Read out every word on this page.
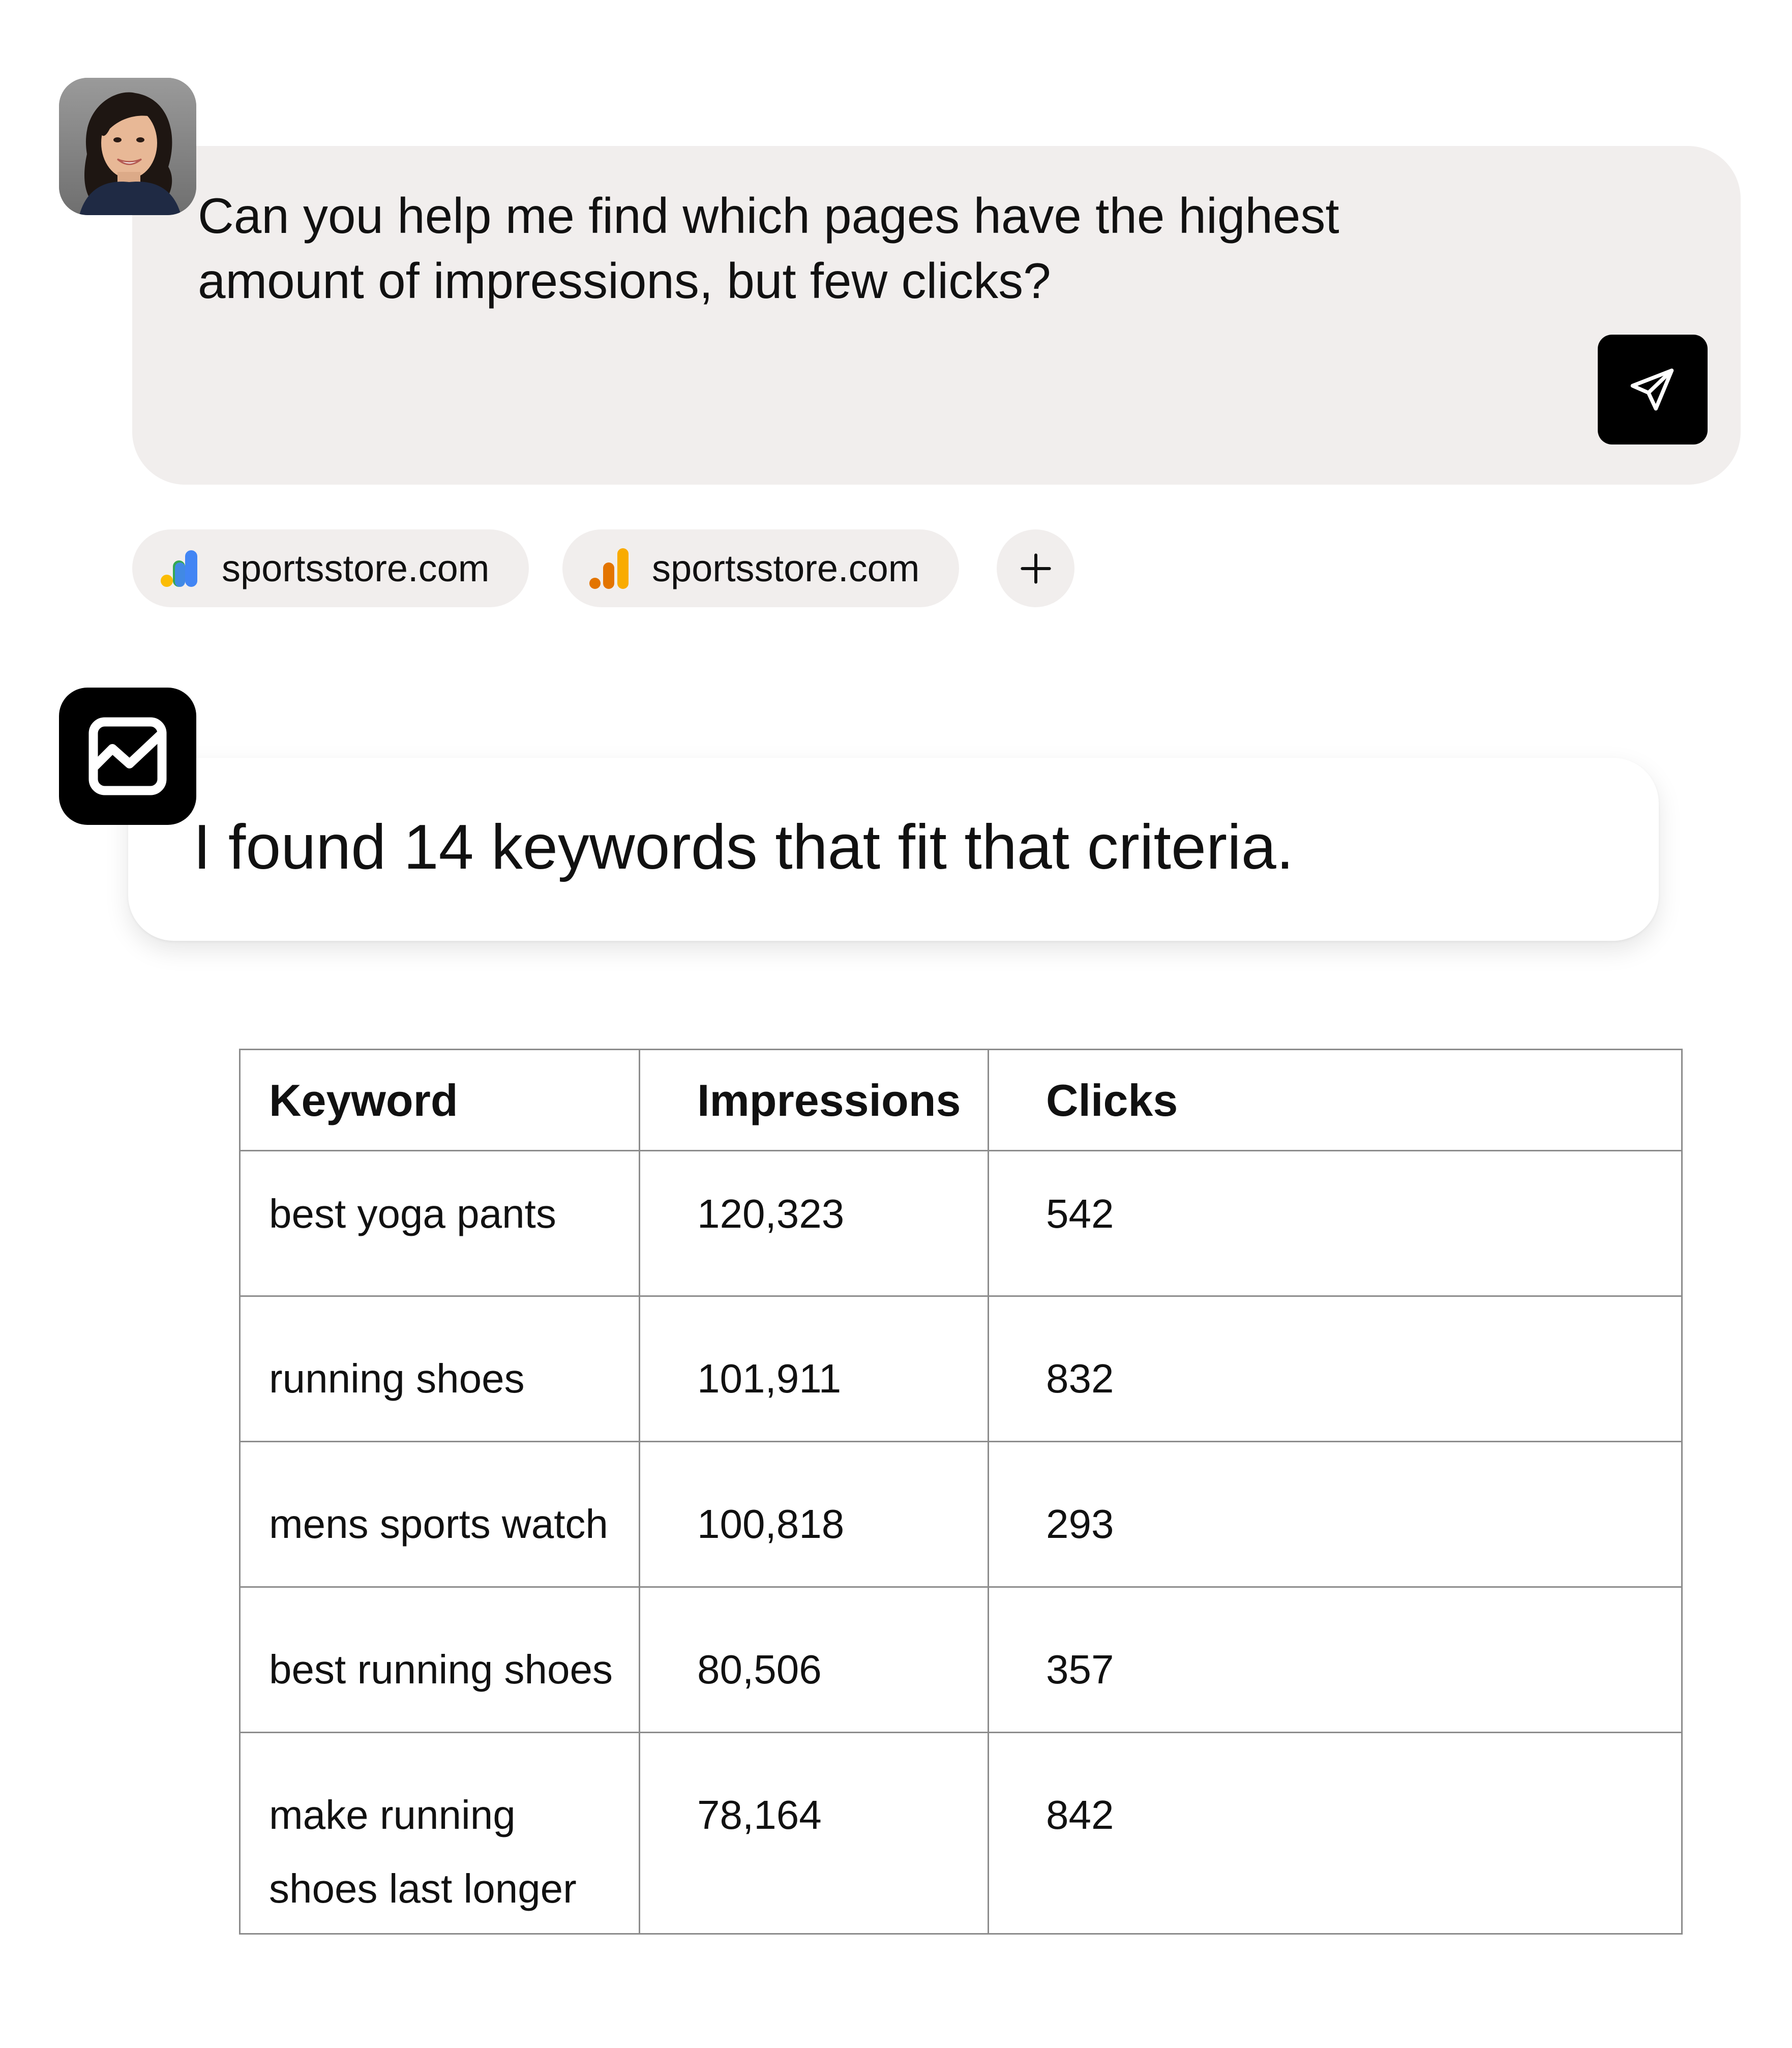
Can you help me find which pages have the highest amount of impressions, but few clicks?
sportsstore.com	sportsstore.com
I found 14 keywords that fit that criteria.
Keyword	Impressions	Clicks
best yoga pants	120,323	542
running shoes	101,911	832
mens sports watch	100,818	293
best running shoes	80,506	357
make running shoes last longer	78,164	842
